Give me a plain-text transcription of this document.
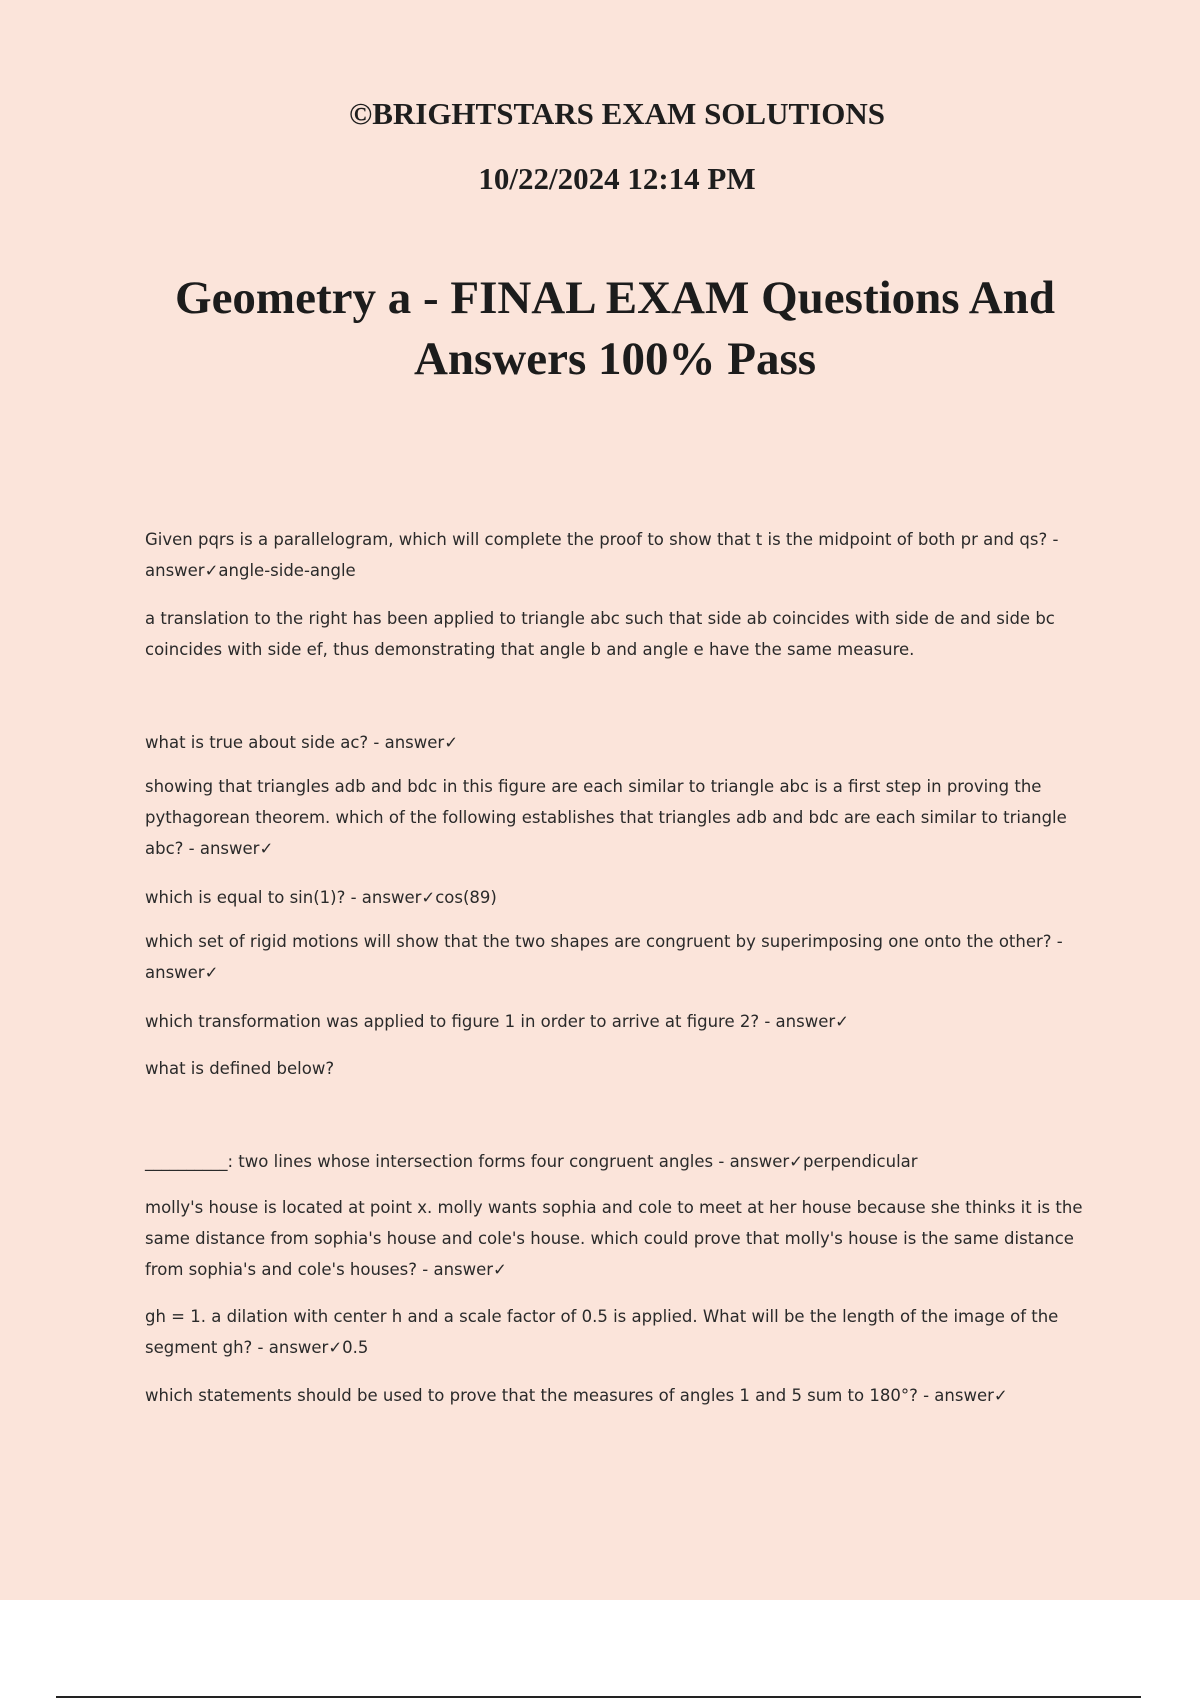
©BRIGHTSTARS EXAM SOLUTIONS
10/22/2024 12:14 PM
Geometry a - FINAL EXAM Questions And Answers 100% Pass

Given pqrs is a parallelogram, which will complete the proof to show that t is the midpoint of both pr and qs? - answer✓angle-side-angle

a translation to the right has been applied to triangle abc such that side ab coincides with side de and side bc coincides with side ef, thus demonstrating that angle b and angle e have the same measure.

what is true about side ac? - answer✓

showing that triangles adb and bdc in this figure are each similar to triangle abc is a first step in proving the pythagorean theorem. which of the following establishes that triangles adb and bdc are each similar to triangle abc? - answer✓

which is equal to sin(1)? - answer✓cos(89)

which set of rigid motions will show that the two shapes are congruent by superimposing one onto the other? - answer✓

which transformation was applied to figure 1 in order to arrive at figure 2? - answer✓

what is defined below?

__________: two lines whose intersection forms four congruent angles - answer✓perpendicular

molly's house is located at point x. molly wants sophia and cole to meet at her house because she thinks it is the same distance from sophia's house and cole's house. which could prove that molly's house is the same distance from sophia's and cole's houses? - answer✓

gh = 1. a dilation with center h and a scale factor of 0.5 is applied. What will be the length of the image of the segment gh? - answer✓0.5

which statements should be used to prove that the measures of angles 1 and 5 sum to 180°? - answer✓
